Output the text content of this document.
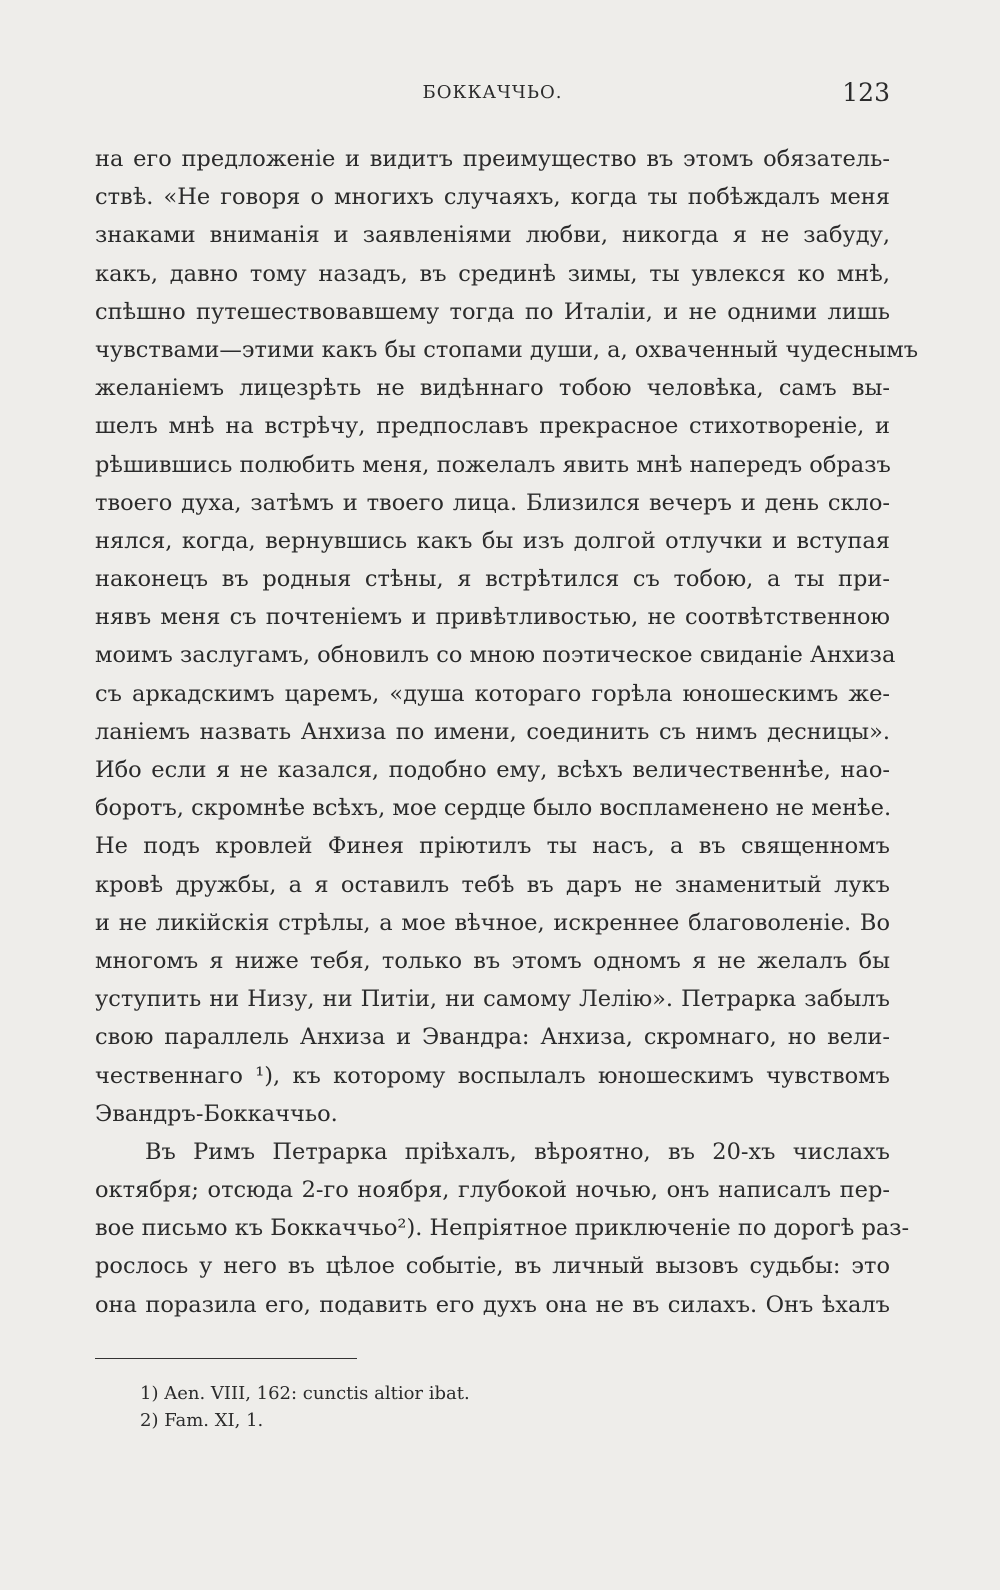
БОККАЧЧЬО.	123
на его предложеніе и видитъ преимущество въ этомъ обязатель-
ствѣ. «Не говоря о многихъ случаяхъ, когда ты побѣждалъ меня
знаками вниманія и заявленіями любви, никогда я не забуду,
какъ, давно тому назадъ, въ срединѣ зимы, ты увлекся ко мнѣ,
спѣшно путешествовавшему тогда по Италіи, и не одними лишь
чувствами—этими какъ бы стопами души, а, охваченный чудеснымъ
желаніемъ лицезрѣть не видѣннаго тобою человѣка, самъ вы-
шелъ мнѣ на встрѣчу, предпославъ прекрасное стихотвореніе, и
рѣшившись полюбить меня, пожелалъ явить мнѣ напередъ образъ
твоего духа, затѣмъ и твоего лица. Близился вечеръ и день скло-
нялся, когда, вернувшись какъ бы изъ долгой отлучки и вступая
наконецъ въ родныя стѣны, я встрѣтился съ тобою, а ты при-
нявъ меня съ почтеніемъ и привѣтливостью, не соотвѣтственною
моимъ заслугамъ, обновилъ со мною поэтическое свиданіе Анхиза
съ аркадскимъ царемъ, «душа котораго горѣла юношескимъ же-
ланіемъ назвать Анхиза по имени, соединить съ нимъ десницы».
Ибо если я не казался, подобно ему, всѣхъ величественнѣе, нао-
боротъ, скромнѣе всѣхъ, мое сердце было воспламенено не менѣе.
Не подъ кровлей Финея пріютилъ ты насъ, а въ священномъ
кровѣ дружбы, а я оставилъ тебѣ въ даръ не знаменитый лукъ
и не ликійскія стрѣлы, а мое вѣчное, искреннее благоволеніе. Во
многомъ я ниже тебя, только въ этомъ одномъ я не желалъ бы
уступить ни Низу, ни Питіи, ни самому Лелію». Петрарка забылъ
свою параллель Анхиза и Эвандра: Анхиза, скромнаго, но вели-
чественнаго ¹), къ которому воспылалъ юношескимъ чувствомъ
Эвандръ-Боккаччьо.
Въ Римъ Петрарка пріѣхалъ, вѣроятно, въ 20-хъ числахъ
октября; отсюда 2-го ноября, глубокой ночью, онъ написалъ пер-
вое письмо къ Боккаччьо²). Непріятное приключеніе по дорогѣ раз-
рослось у него въ цѣлое событіе, въ личный вызовъ судьбы: это
она поразила его, подавить его духъ она не въ силахъ. Онъ ѣхалъ
1) Aen. VIII, 162: cunctis altior ibat.
2) Fam. XI, 1.
